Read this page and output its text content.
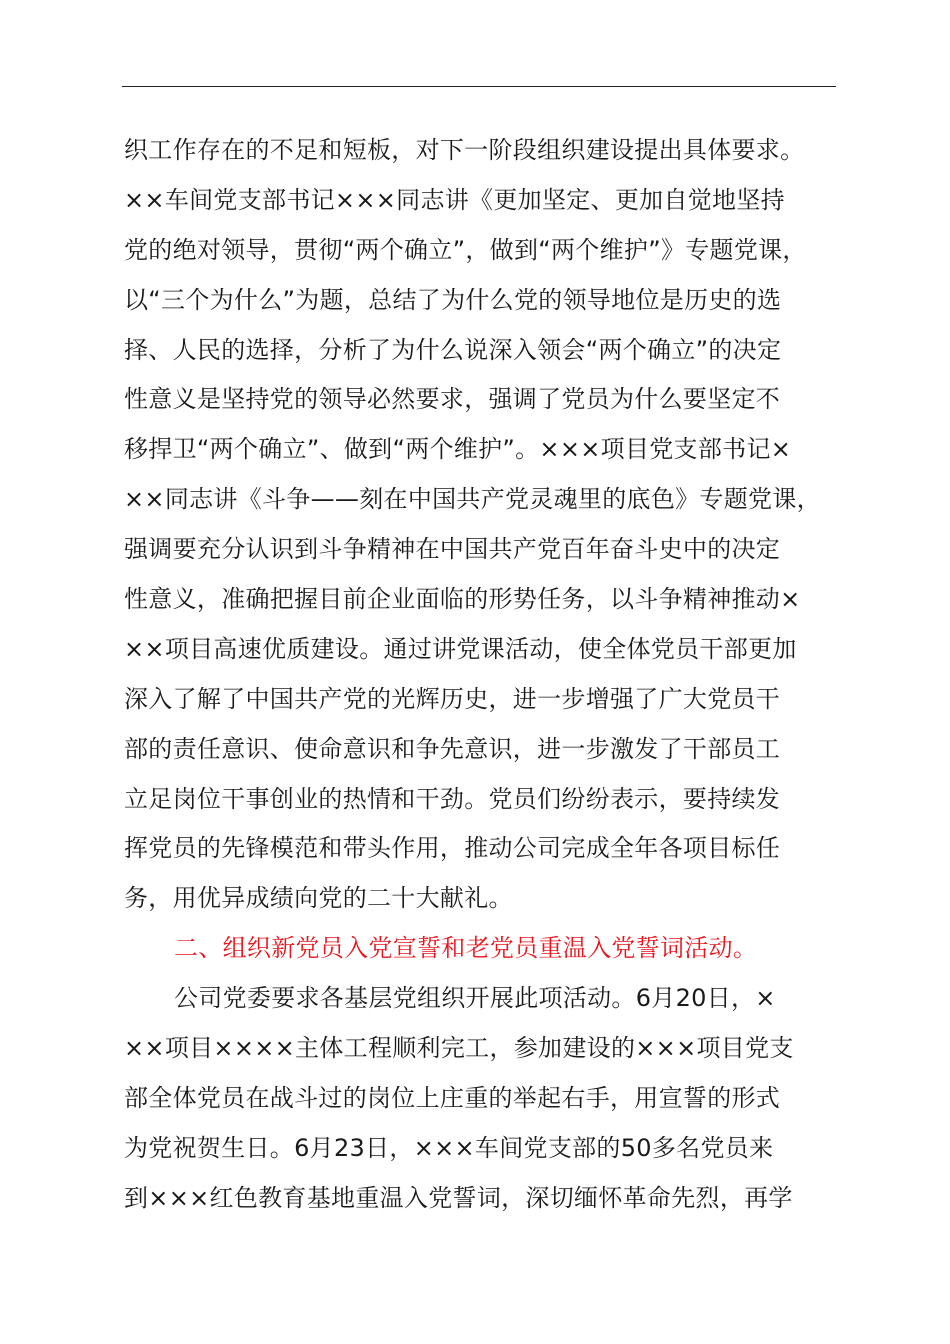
织工作存在的不足和短板，对下一阶段组织建设提出具体要求。
××车间党支部书记×××同志讲《更加坚定、更加自觉地坚持
党的绝对领导，贯彻“两个确立”，做到“两个维护”》专题党课，
以“三个为什么”为题，总结了为什么党的领导地位是历史的选
择、人民的选择，分析了为什么说深入领会“两个确立”的决定
性意义是坚持党的领导必然要求，强调了党员为什么要坚定不
移捍卫“两个确立”、做到“两个维护”。×××项目党支部书记×
××同志讲《斗争——刻在中国共产党灵魂里的底色》专题党课，
强调要充分认识到斗争精神在中国共产党百年奋斗史中的决定
性意义，准确把握目前企业面临的形势任务，以斗争精神推动×
××项目高速优质建设。通过讲党课活动，使全体党员干部更加
深入了解了中国共产党的光辉历史，进一步增强了广大党员干
部的责任意识、使命意识和争先意识，进一步激发了干部员工
立足岗位干事创业的热情和干劲。党员们纷纷表示，要持续发
挥党员的先锋模范和带头作用，推动公司完成全年各项目标任
务，用优异成绩向党的二十大献礼。
二、组织新党员入党宣誓和老党员重温入党誓词活动。
公司党委要求各基层党组织开展此项活动。6月20日，×
××项目××××主体工程顺利完工，参加建设的×××项目党支
部全体党员在战斗过的岗位上庄重的举起右手，用宣誓的形式
为党祝贺生日。6月23日，×××车间党支部的50多名党员来
到×××红色教育基地重温入党誓词，深切缅怀革命先烈，再学
